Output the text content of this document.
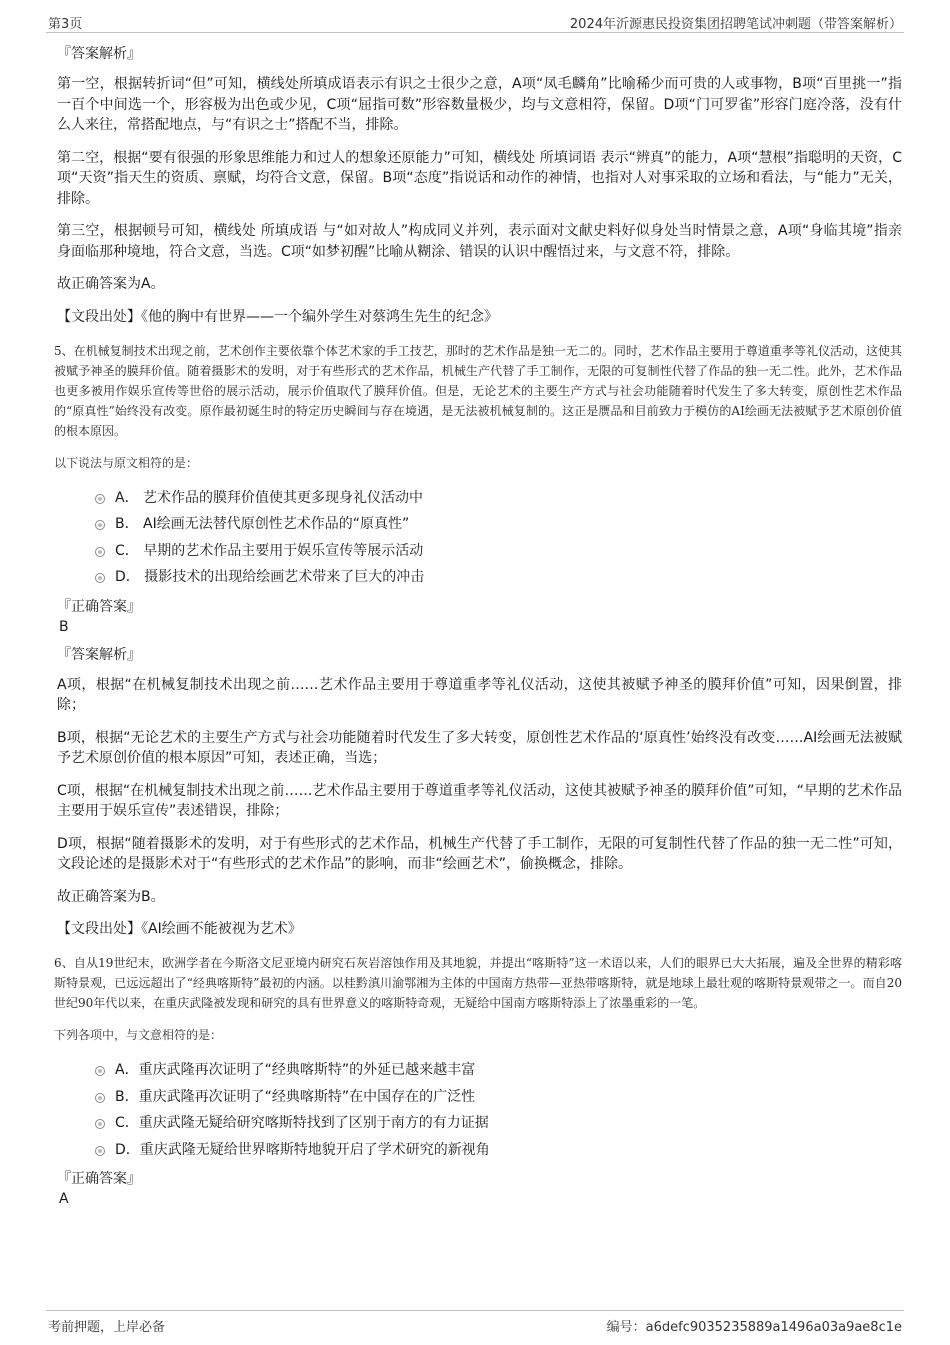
第3页	2024年沂源惠民投资集团招聘笔试冲刺题（带答案解析）
『答案解析』

第一空，根据转折词“但”可知，横线处所填成语表示有识之士很少之意，A项“凤毛麟角”比喻稀少而可贵的人或事物，B项“百里挑一”指一百个中间选一个，形容极为出色或少见，C项“屈指可数”形容数量极少，均与文意相符，保留。D项“门可罗雀”形容门庭冷落，没有什么人来往，常搭配地点，与“有识之士”搭配不当，排除。

第二空，根据“要有很强的形象思维能力和过人的想象还原能力”可知，横线处 所填词语 表示“辨真”的能力，A项“慧根”指聪明的天资，C项“天资”指天生的资质、禀赋，均符合文意，保留。B项“态度”指说话和动作的神情，也指对人对事采取的立场和看法，与“能力”无关，排除。

第三空，根据顿号可知，横线处 所填成语 与“如对故人”构成同义并列，表示面对文献史料好似身处当时情景之意，A项“身临其境”指亲身面临那种境地，符合文意，当选。C项“如梦初醒”比喻从糊涂、错误的认识中醒悟过来，与文意不符，排除。

故正确答案为A。

【文段出处】《他的胸中有世界——一个编外学生对蔡鸿生先生的纪念》

5、在机械复制技术出现之前，艺术创作主要依靠个体艺术家的手工技艺，那时的艺术作品是独一无二的。同时，艺术作品主要用于尊道重孝等礼仪活动，这使其被赋予神圣的膜拜价值。随着摄影术的发明，对于有些形式的艺术作品，机械生产代替了手工制作，无限的可复制性代替了作品的独一无二性。此外，艺术作品也更多被用作娱乐宣传等世俗的展示活动，展示价值取代了膜拜价值。但是，无论艺术的主要生产方式与社会功能随着时代发生了多大转变，原创性艺术作品的“原真性”始终没有改变。原作最初诞生时的特定历史瞬间与存在境遇，是无法被机械复制的。这正是赝品和目前致力于模仿的AI绘画无法被赋予艺术原创价值的根本原因。

以下说法与原文相符的是：
A． 艺术作品的膜拜价值使其更多现身礼仪活动中
B． AI绘画无法替代原创性艺术作品的“原真性”
C． 早期的艺术作品主要用于娱乐宣传等展示活动
D． 摄影技术的出现给绘画艺术带来了巨大的冲击
『正确答案』
B
『答案解析』

A项，根据“在机械复制技术出现之前……艺术作品主要用于尊道重孝等礼仪活动，这使其被赋予神圣的膜拜价值”可知，因果倒置，排除；

B项，根据“无论艺术的主要生产方式与社会功能随着时代发生了多大转变，原创性艺术作品的‘原真性’始终没有改变……AI绘画无法被赋予艺术原创价值的根本原因”可知，表述正确，当选；

C项，根据“在机械复制技术出现之前……艺术作品主要用于尊道重孝等礼仪活动，这使其被赋予神圣的膜拜价值”可知，“早期的艺术作品主要用于娱乐宣传”表述错误，排除；

D项，根据“随着摄影术的发明，对于有些形式的艺术作品，机械生产代替了手工制作，无限的可复制性代替了作品的独一无二性”可知，文段论述的是摄影术对于“有些形式的艺术作品”的影响，而非“绘画艺术”，偷换概念，排除。

故正确答案为B。

【文段出处】《AI绘画不能被视为艺术》

6、自从19世纪末，欧洲学者在今斯洛文尼亚境内研究石灰岩溶蚀作用及其地貌，并提出“喀斯特”这一术语以来，人们的眼界已大大拓展，遍及全世界的精彩喀斯特景观，已远远超出了“经典喀斯特”最初的内涵。以桂黔滇川渝鄂湘为主体的中国南方热带—亚热带喀斯特，就是地球上最壮观的喀斯特景观带之一。而自20世纪90年代以来，在重庆武隆被发现和研究的具有世界意义的喀斯特奇观，无疑给中国南方喀斯特添上了浓墨重彩的一笔。

下列各项中，与文意相符的是：
A．重庆武隆再次证明了“经典喀斯特”的外延已越来越丰富
B．重庆武隆再次证明了“经典喀斯特”在中国存在的广泛性
C．重庆武隆无疑给研究喀斯特找到了区别于南方的有力证据
D．重庆武隆无疑给世界喀斯特地貌开启了学术研究的新视角
『正确答案』
A
考前押题，上岸必备	编号：a6defc9035235889a1496a03a9ae8c1e
